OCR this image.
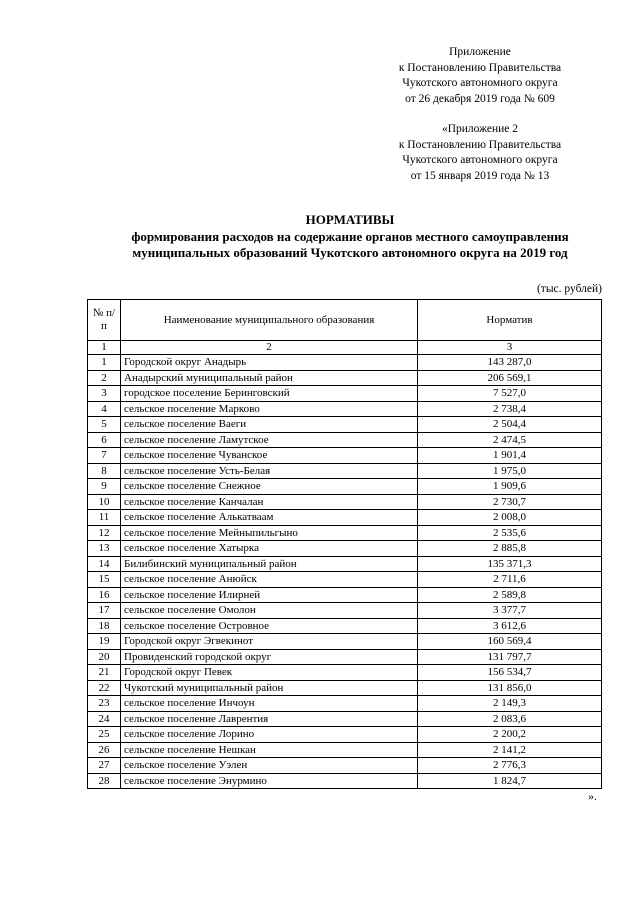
Приложение
к Постановлению Правительства
Чукотского автономного округа
от 26 декабря 2019 года № 609
«Приложение 2
к Постановлению Правительства
Чукотского автономного округа
от 15 января 2019 года № 13
НОРМАТИВЫ
формирования расходов на содержание органов местного самоуправления
муниципальных образований Чукотского автономного округа на 2019 год
(тыс. рублей)
№ п/п	Наименование муниципального образования	Норматив
1	2	3
1	Городской округ Анадырь	143 287,0
2	Анадырский муниципальный район	206 569,1
3	городское поселение Беринговский	7 527,0
4	сельское поселение Марково	2 738,4
5	сельское поселение Ваеги	2 504,4
6	сельское поселение Ламутское	2 474,5
7	сельское поселение Чуванское	1 901,4
8	сельское поселение Усть-Белая	1 975,0
9	сельское поселение Снежное	1 909,6
10	сельское поселение Канчалан	2 730,7
11	сельское поселение Алькатваам	2 008,0
12	сельское поселение Мейныпильгыно	2 535,6
13	сельское поселение Хатырка	2 885,8
14	Билибинский муниципальный район	135 371,3
15	сельское поселение Анюйск	2 711,6
16	сельское поселение Илирней	2 589,8
17	сельское поселение Омолон	3 377,7
18	сельское поселение Островное	3 612,6
19	Городской округ Эгвекинот	160 569,4
20	Провиденский городской округ	131 797,7
21	Городской округ Певек	156 534,7
22	Чукотский муниципальный район	131 856,0
23	сельское поселение Инчоун	2 149,3
24	сельское поселение Лаврентия	2 083,6
25	сельское поселение Лорино	2 200,2
26	сельское поселение Нешкан	2 141,2
27	сельское поселение Уэлен	2 776,3
28	сельское поселение Энурмино	1 824,7
».
